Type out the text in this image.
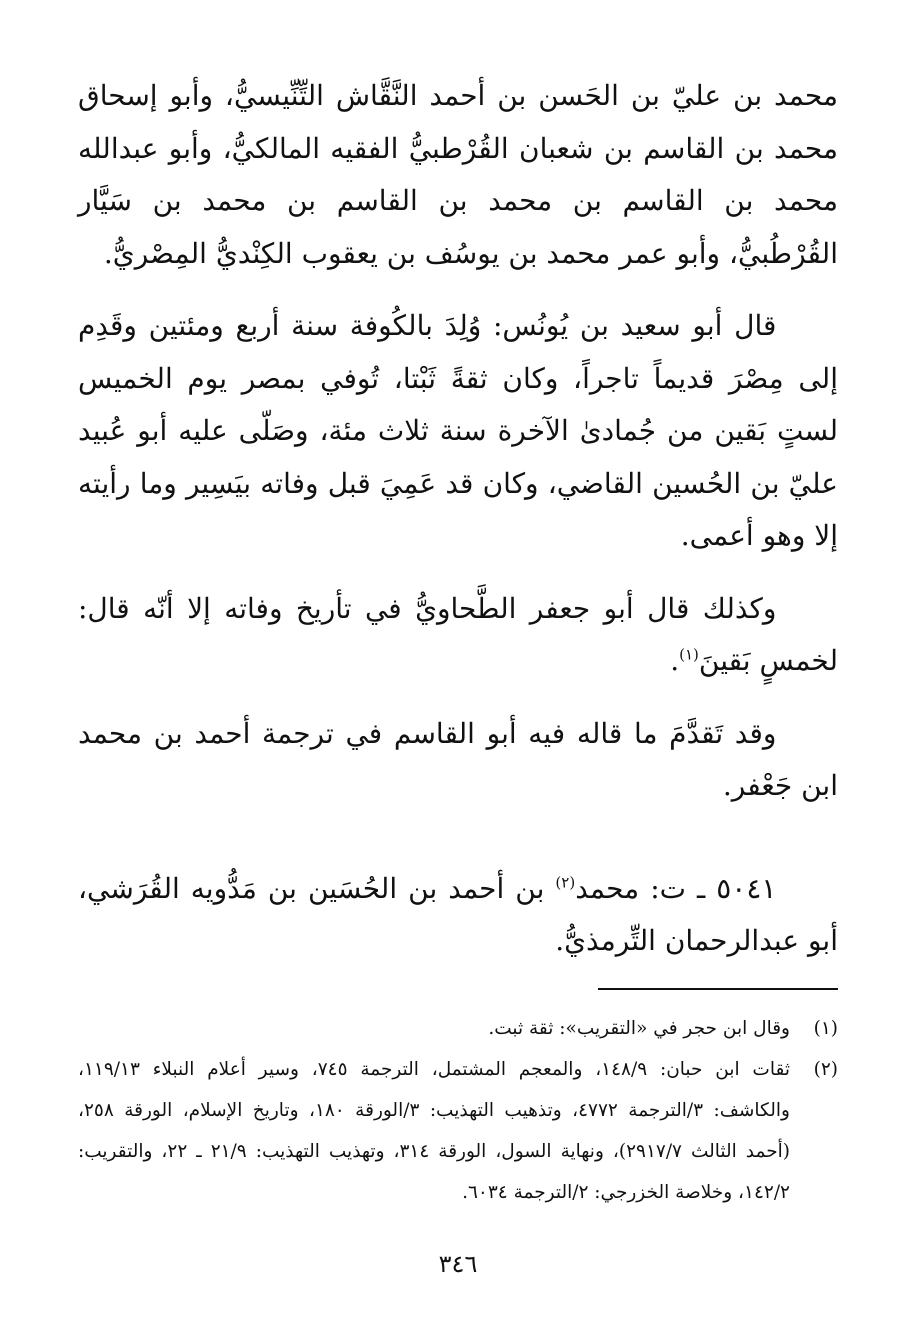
محمد بن عليّ بن الحَسن بن أحمد النَّقَّاش التِّنِّيسيُّ، وأبو إسحاق محمد بن القاسم بن شعبان القُرْطبيُّ الفقيه المالكيُّ، وأبو عبدالله محمد بن القاسم بن محمد بن القاسم بن محمد بن سَيَّار القُرْطُبيُّ، وأبو عمر محمد بن يوسُف بن يعقوب الكِنْديُّ المِصْريُّ.

قال أبو سعيد بن يُونُس: وُلِدَ بالكُوفة سنة أربع ومئتين وقَدِم إلى مِصْرَ قديماً تاجراً، وكان ثقةً ثَبْتا، تُوفي بمصر يوم الخميس لستٍ بَقين من جُمادىٰ الآخرة سنة ثلاث مئة، وصَلّى عليه أبو عُبيد عليّ بن الحُسين القاضي، وكان قد عَمِيَ قبل وفاته بيَسِير وما رأيته إلا وهو أعمى.

وكذلك قال أبو جعفر الطَّحاويُّ في تأريخ وفاته إلا أنّه قال: لخمسٍ بَقينَ$^{(١)}$.

وقد تَقدَّمَ ما قاله فيه أبو القاسم في ترجمة أحمد بن محمد ابن جَعْفر.

٥٠٤١ ـ ت: محمد$^{(٢)}$ بن أحمد بن الحُسَين بن مَدُّويه القُرَشي، أبو عبدالرحمان التِّرمذيُّ.

(١)
وقال ابن حجر في «التقريب»: ثقة ثبت.
(٢)
ثقات ابن حبان: ١٤٨/٩، والمعجم المشتمل، الترجمة ٧٤٥، وسير أعلام النبلاء ١١٩/١٣، والكاشف: ٣/الترجمة ٤٧٧٢، وتذهيب التهذيب: ٣/الورقة ١٨٠، وتاريخ الإسلام، الورقة ٢٥٨، (أحمد الثالث ٢٩١٧/٧)، ونهاية السول، الورقة ٣١٤، وتهذيب التهذيب: ٢١/٩ ـ ٢٢، والتقريب: ١٤٢/٢، وخلاصة الخزرجي: ٢/الترجمة ٦٠٣٤.
٣٤٦
